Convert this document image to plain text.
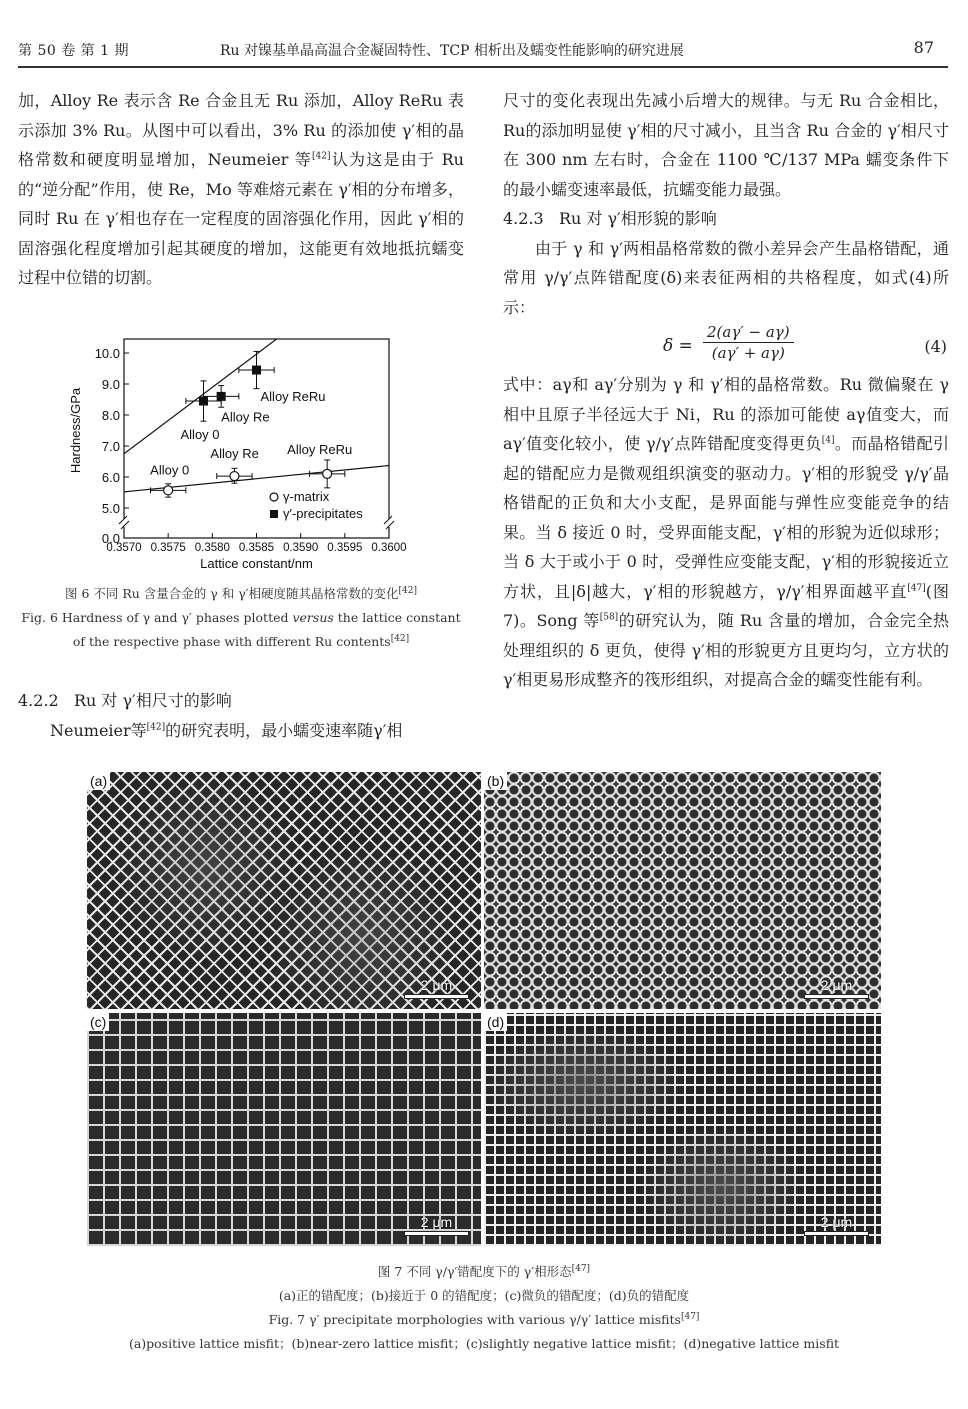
第 50 卷 第 1 期	Ru 对镍基单晶高温合金凝固特性、TCP 相析出及蠕变性能影响的研究进展	87

加，Alloy Re 表示含 Re 合金且无 Ru 添加，Alloy ReRu 表示添加 3% Ru。从图中可以看出，3% Ru 的添加使 γ′相的晶格常数和硬度明显增加，Neumeier 等[42]认为这是由于 Ru 的“逆分配”作用，使 Re，Mo 等难熔元素在 γ′相的分布增多，同时 Ru 在 γ′相也存在一定程度的固溶强化作用，因此 γ′相的固溶强化程度增加引起其硬度的增加，这能更有效地抵抗蠕变过程中位错的切割。

4.2.2   Ru 对 γ′相尺寸的影响

Neumeier等[42]的研究表明，最小蠕变速率随γ′相

0.3570 0.3575 0.3580 0.3585 0.3590 0.3595 0.3600
0.0
5.0
6.0
7.0
8.0
9.0
10.0
Lattice constant/nm
Hardness/GPa	Alloy 0
Alloy Re Alloy ReRu
Alloy 0
Alloy Re
Alloy ReRu
γ-matrix
γ′-precipitates
图 6 不同 Ru 含量合金的 γ 和 γ′相硬度随其晶格常数的变化[42]
Fig. 6 Hardness of γ and γ′ phases plotted versus the lattice constant of the respective phase with different Ru contents[42]

尺寸的变化表现出先减小后增大的规律。与无 Ru 合金相比，Ru的添加明显使 γ′相的尺寸减小，且当含 Ru 合金的 γ′相尺寸在 300 nm 左右时，合金在 1100 ℃/137 MPa 蠕变条件下的最小蠕变速率最低，抗蠕变能力最强。

4.2.3   Ru 对 γ′相形貌的影响

由于 γ 和 γ′两相晶格常数的微小差异会产生晶格错配，通常用 γ/γ′点阵错配度(δ)来表征两相的共格程度，如式(4)所示：

$\delta = \frac{2(a\gamma' - a\gamma)}{(a\gamma' + a\gamma)}$	(4)

式中：aγ和 aγ′分别为 γ 和 γ′相的晶格常数。Ru 微偏聚在 γ 相中且原子半径远大于 Ni，Ru 的添加可能使 aγ值变大，而 aγ′值变化较小，使 γ/γ′点阵错配度变得更负[4]。而晶格错配引起的错配应力是微观组织演变的驱动力。γ′相的形貌受 γ/γ′晶格错配的正负和大小支配，是界面能与弹性应变能竞争的结果。当 δ 接近 0 时，受界面能支配，γ′相的形貌为近似球形；当 δ 大于或小于 0 时，受弹性应变能支配，γ′相的形貌接近立方状，且|δ|越大，γ′相的形貌越方，γ/γ′相界面越平直[47](图 7)。Song 等[58]的研究认为，随 Ru 含量的增加，合金完全热处理组织的 δ 更负，使得 γ′相的形貌更方且更均匀，立方状的 γ′相更易形成整齐的筏形组织，对提高合金的蠕变性能有利。

(a)
2 μm
(b)
2 μm
(c)
2 μm
(d)
2 μm
图 7 不同 γ/γ′错配度下的 γ′相形态[47]
(a)正的错配度；(b)接近于 0 的错配度；(c)微负的错配度；(d)负的错配度
Fig. 7 γ′ precipitate morphologies with various γ/γ′ lattice misfits[47]
(a)positive lattice misfit；(b)near-zero lattice misfit；(c)slightly negative lattice misfit；(d)negative lattice misfit
